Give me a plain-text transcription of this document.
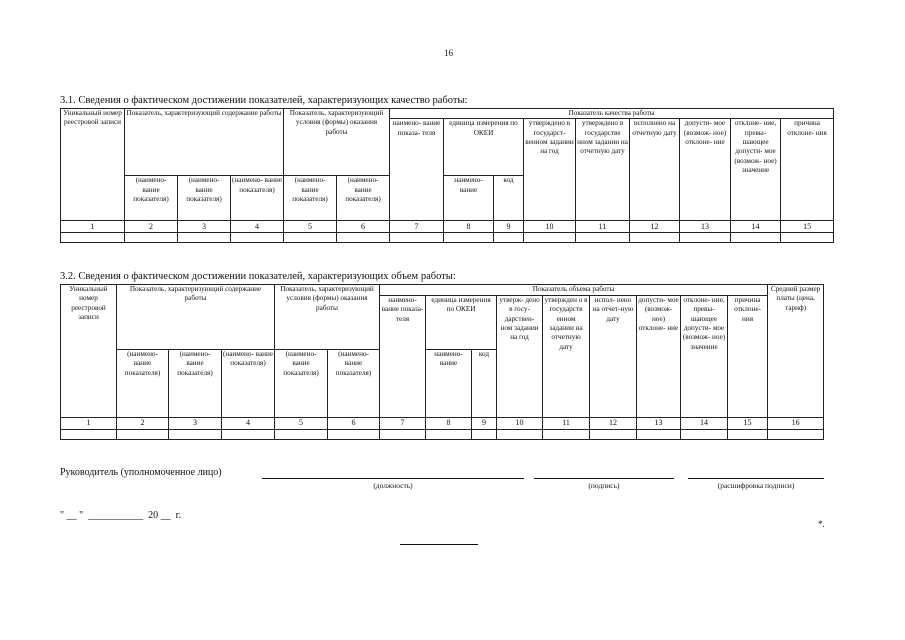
16
3.1. Сведения о фактическом достижении показателей, характеризующих качество работы:
Уникальный номер реестровой записи	Показатель, характеризующий содержание работы			Показатель, характеризующий условия (формы) оказания работы		Показатель качества работы								
						наимено- вание показа- теля	единица измерения по ОКЕИ		утверждено в государст- венном задании на год	утверждено в государстве нном задании на отчетную дату	исполнено на отчетную дату	допусти- мое (возмож- ное) отклоне- ние	отклоне- ние, превы- шающее допусти- мое (возмож- ное) значение	причина отклоне- ния
	(наимено- вание показателя)	(наимено- вание показателя)	(наимено- вание показателя)	(наимено- вание показателя)	(наимено- вание показателя)		наимено- вание	код						
1	2	3	4	5	6	7	8	9	10	11	12	13	14	15

3.2. Сведения о фактическом достижении показателей, характеризующих объем работы:
Уникальный номер реестровой записи	Показатель, характеризующий содержание работы			Показатель, характеризующий условия (формы) оказания работы		Показатель объема работы									Средний размер платы (цена, тариф)
						наимено- вание показа- теля	единица измерения по ОКЕИ		утверж- дено в госу- дарствен- ном задании на год	утвержден о в государств енном задании на отчетную дату	испол- нено на отчет-ную дату	допусти- мое (возмож- ное) отклоне- ние	отклоне- ние, превы- шающее допусти- мое (возмож- ное) значение	причина отклоне- ния	
	(наимено- вание показателя)	(наимено- вание показателя)	(наимено- вание показателя)	(наимено- вание показателя)	(наимено- вание показателя)		наимено- вание	код							
1	2	3	4	5	6	7	8	9	10	11	12	13	14	15	16

Руководитель (уполномоченное лицо)
(должность)	(подпись)	(расшифровка подписи)
" __ "  ___________  20 __  г.
*.
